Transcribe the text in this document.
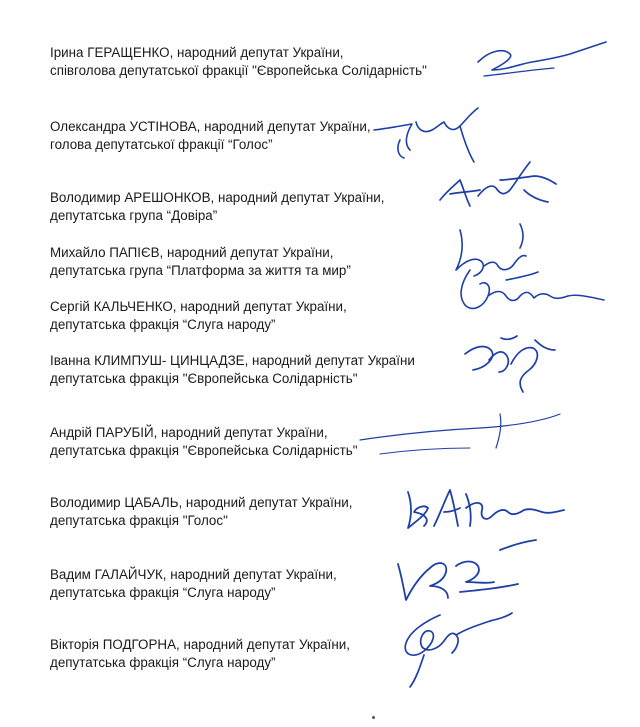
Ірина ГЕРАЩЕНКО, народний депутат України,
співголова депутатської фракції "Європейська Солідарність"
Олександра УСТІНОВА, народний депутат України,
голова депутатської фракції “Голос”
Володимир АРЕШОНКОВ, народний депутат України,
депутатська група “Довіра”
Михайло ПАПІЄВ, народний депутат України,
депутатська група “Платформа за життя та мир”
Сергій КАЛЬЧЕНКО, народний депутат України,
депутатська фракція “Слуга народу”
Іванна КЛИМПУШ- ЦИНЦАДЗЕ, народний депутат України
депутатська фракція "Європейська Солідарність"
Андрій ПАРУБІЙ, народний депутат України,
депутатська фракція "Європейська Солідарність"
Володимир ЦАБАЛЬ, народний депутат України,
депутатська фракція "Голос"
Вадим ГАЛАЙЧУК, народний депутат України,
депутатська фракція “Слуга народу”
Вікторія ПОДГОРНА, народний депутат України,
депутатська фракція “Слуга народу”
